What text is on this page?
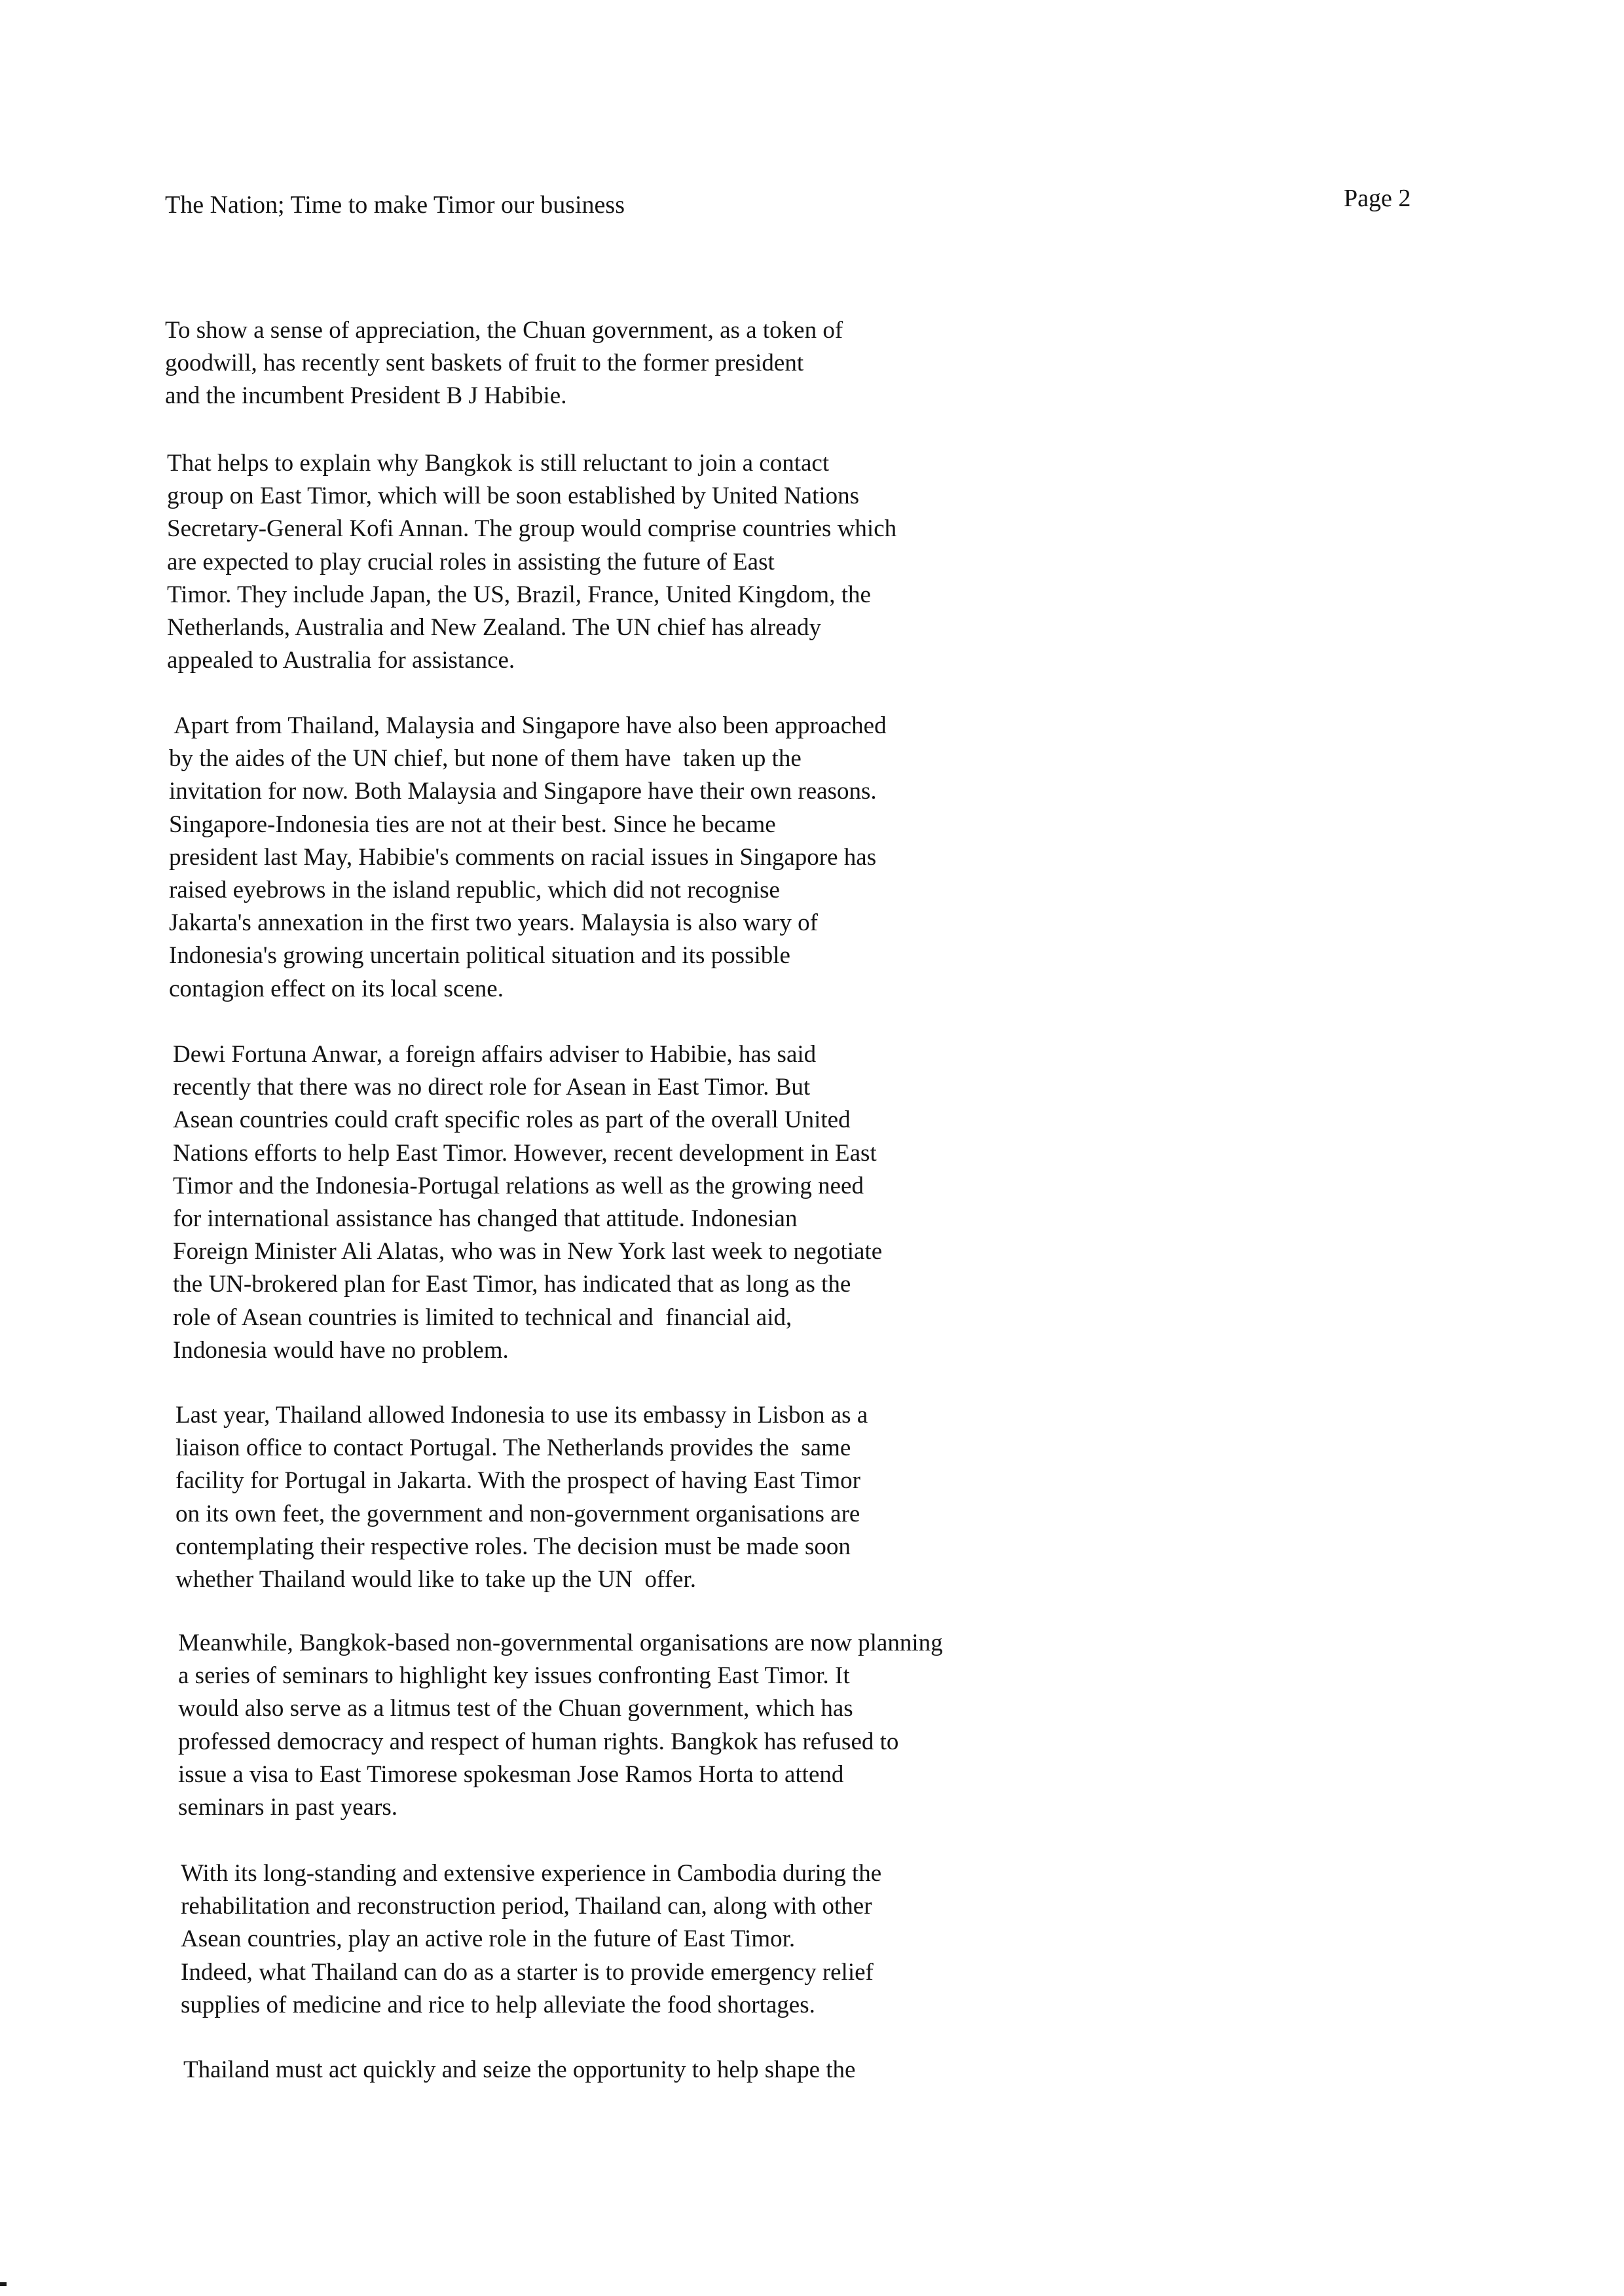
The Nation; Time to make Timor our business	Page 2

To show a sense of appreciation, the Chuan government, as a token of
goodwill, has recently sent baskets of fruit to the former president
and the incumbent President B J Habibie.

That helps to explain why Bangkok is still reluctant to join a contact
group on East Timor, which will be soon established by United Nations
Secretary-General Kofi Annan. The group would comprise countries which
are expected to play crucial roles in assisting the future of East
Timor. They include Japan, the US, Brazil, France, United Kingdom, the
Netherlands, Australia and New Zealand. The UN chief has already
appealed to Australia for assistance.

Apart from Thailand, Malaysia and Singapore have also been approached
by the aides of the UN chief, but none of them have  taken up the
invitation for now. Both Malaysia and Singapore have their own reasons.
Singapore-Indonesia ties are not at their best. Since he became
president last May, Habibie's comments on racial issues in Singapore has
raised eyebrows in the island republic, which did not recognise
Jakarta's annexation in the first two years. Malaysia is also wary of
Indonesia's growing uncertain political situation and its possible
contagion effect on its local scene.

Dewi Fortuna Anwar, a foreign affairs adviser to Habibie, has said
recently that there was no direct role for Asean in East Timor. But
Asean countries could craft specific roles as part of the overall United
Nations efforts to help East Timor. However, recent development in East
Timor and the Indonesia-Portugal relations as well as the growing need
for international assistance has changed that attitude. Indonesian
Foreign Minister Ali Alatas, who was in New York last week to negotiate
the UN-brokered plan for East Timor, has indicated that as long as the
role of Asean countries is limited to technical and  financial aid,
Indonesia would have no problem.

Last year, Thailand allowed Indonesia to use its embassy in Lisbon as a
liaison office to contact Portugal. The Netherlands provides the  same
facility for Portugal in Jakarta. With the prospect of having East Timor
on its own feet, the government and non-government organisations are
contemplating their respective roles. The decision must be made soon
whether Thailand would like to take up the UN  offer.

Meanwhile, Bangkok-based non-governmental organisations are now planning
a series of seminars to highlight key issues confronting East Timor. It
would also serve as a litmus test of the Chuan government, which has
professed democracy and respect of human rights. Bangkok has refused to
issue a visa to East Timorese spokesman Jose Ramos Horta to attend
seminars in past years.

With its long-standing and extensive experience in Cambodia during the
rehabilitation and reconstruction period, Thailand can, along with other
Asean countries, play an active role in the future of East Timor.
Indeed, what Thailand can do as a starter is to provide emergency relief
supplies of medicine and rice to help alleviate the food shortages.

Thailand must act quickly and seize the opportunity to help shape the
